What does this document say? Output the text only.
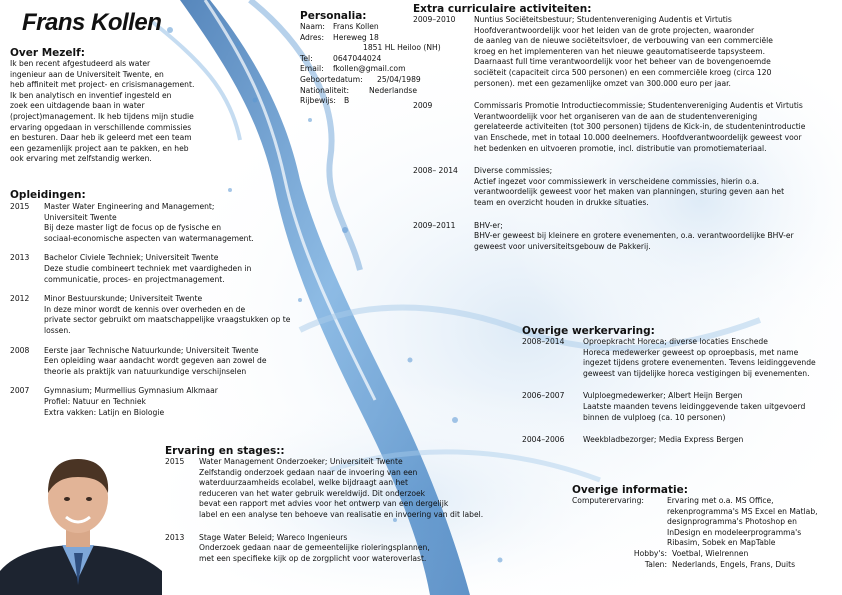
Frans Kollen
Over Mezelf:
Ik ben recent afgestudeerd als water
ingenieur aan de Universiteit Twente, en
heb affiniteit met project- en crisismanagement.
Ik ben analytisch en inventief ingesteld en
zoek een uitdagende baan in water
(project)management. Ik heb tijdens mijn studie
ervaring opgedaan in verschillende commissies
en besturen. Daar heb ik geleerd met een team
een gezamenlijk project aan te pakken, en heb
ook ervaring met zelfstandig werken.
Opleidingen:
2015	Master Water Engineering and Management;
Universiteit Twente
Bij deze master ligt de focus op de fysische en
sociaal-economische aspecten van watermanagement.
2013	Bachelor Civiele Techniek; Universiteit Twente
Deze studie combineert techniek met vaardigheden in
communicatie, proces- en projectmanagement.
2012	Minor Bestuurskunde; Universiteit Twente
In deze minor wordt de kennis over overheden en de
private sector gebruikt om maatschappelijke vraagstukken op te lossen.
2008	Eerste jaar Technische Natuurkunde; Universiteit Twente
Een opleiding waar aandacht wordt gegeven aan zowel de
theorie als praktijk van natuurkundige verschijnselen
2007	Gymnasium; Murmellius Gymnasium Alkmaar
Profiel: Natuur en Techniek
Extra vakken: Latijn en Biologie
Personalia:
Naam:	Frans Kollen
Adres:	Hereweg 18
1851 HL Heiloo (NH)
Tel:	0647044024
Email:	fkollen@gmail.com
Geboortedatum:	25/04/1989
Nationaliteit:	Nederlandse
Rijbewijs:	B
Extra curriculaire activiteiten:
2009–2010	Nuntius Sociëteitsbestuur; Studentenvereniging Audentis et Virtutis
Hoofdverantwoordelijk voor het leiden van de grote projecten, waaronder
de aanleg van de nieuwe sociëteitsvloer, de verbouwing van een commerciële
kroeg en het implementeren van het nieuwe geautomatiseerde tapsysteem.
Daarnaast full time verantwoordelijk voor het beheer van de bovengenoemde
sociëteit (capaciteit circa 500 personen) en een commerciële kroeg (circa 120
personen). met een gezamenlijke omzet van 300.000 euro per jaar.
2009	Commissaris Promotie Introductiecommissie; Studentenvereniging Audentis et Virtutis
Verantwoordelijk voor het organiseren van de aan de studentenvereniging
gerelateerde activiteiten (tot 300 personen) tijdens de Kick-in, de studentenintroductie
van Enschede, met in totaal 10.000 deelnemers. Hoofdverantwoordelijk geweest voor
het bedenken en uitvoeren promotie, incl. distributie van promotiemateriaal.
2008– 2014	Diverse commissies;
Actief ingezet voor commissiewerk in verscheidene commissies, hierin o.a.
verantwoordelijk geweest voor het maken van planningen, sturing geven aan het
team en overzicht houden in drukke situaties.
2009–2011	BHV-er;
BHV-er geweest bij kleinere en grotere evenementen, o.a. verantwoordelijke BHV-er
geweest voor universiteitsgebouw de Pakkerij.
Overige werkervaring:
2008–2014	Oproepkracht Horeca; diverse locaties Enschede
Horeca medewerker geweest op oproepbasis, met name
ingezet tijdens grotere evenementen. Tevens leidinggevende
geweest van tijdelijke horeca vestigingen bij evenementen.
2006–2007	Vulploegmedewerker; Albert Heijn Bergen
Laatste maanden tevens leidinggevende taken uitgevoerd
binnen de vulploeg (ca. 10 personen)
2004–2006	Weekbladbezorger; Media Express Bergen
Ervaring en stages::
2015	Water Management Onderzoeker; Universiteit Twente
Zelfstandig onderzoek gedaan naar de invoering van een
waterduurzaamheids ecolabel, welke bijdraagt aan het
reduceren van het water gebruik wereldwijd. Dit onderzoek
bevat een rapport met advies voor het ontwerp van een dergelijk
label en een analyse ten behoeve van realisatie en invoering van dit label.
2013	Stage Water Beleid; Wareco Ingenieurs
Onderzoek gedaan naar de gemeentelijke rioleringsplannen,
met een specifieke kijk op de zorgplicht voor wateroverlast.
Overige informatie:
Computerervaring:	Ervaring met o.a. MS Office,
rekenprogramma's MS Excel en Matlab,
designprogramma's Photoshop en
InDesign en modeleerprogramma's
Ribasim, Sobek en MapTable
Hobby's: Voetbal, Wielrennen
Talen: Nederlands, Engels, Frans, Duits
